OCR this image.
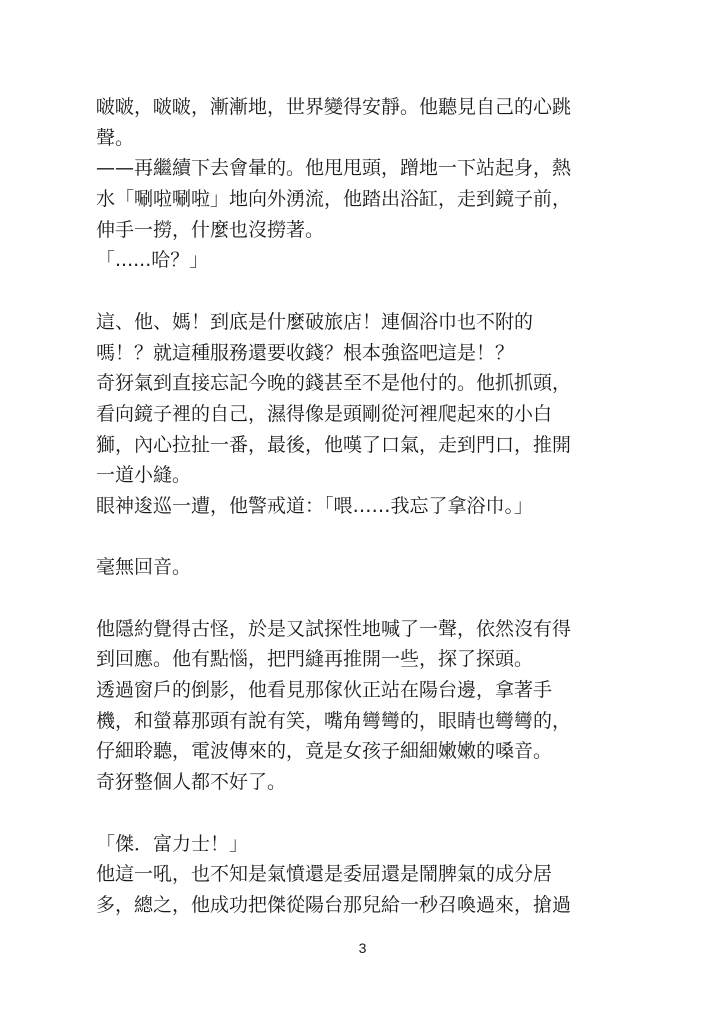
啵啵，啵啵，漸漸地，世界變得安靜。他聽見自己的心跳
聲。
——再繼續下去會暈的。他甩甩頭，蹭地一下站起身，熱
水「唰啦唰啦」地向外湧流，他踏出浴缸，走到鏡子前，
伸手一撈，什麼也沒撈著。
「......哈？」
這、他、媽！到底是什麼破旅店！連個浴巾也不附的
嗎！？就這種服務還要收錢？根本強盜吧這是！？
奇犽氣到直接忘記今晚的錢甚至不是他付的。他抓抓頭，
看向鏡子裡的自己，濕得像是頭剛從河裡爬起來的小白
獅，內心拉扯一番，最後，他嘆了口氣，走到門口，推開
一道小縫。
眼神逡巡一遭，他警戒道：「喂……我忘了拿浴巾。」
毫無回音。
他隱約覺得古怪，於是又試探性地喊了一聲，依然沒有得
到回應。他有點惱，把門縫再推開一些，探了探頭。
透過窗戶的倒影，他看見那傢伙正站在陽台邊，拿著手
機，和螢幕那頭有說有笑，嘴角彎彎的，眼睛也彎彎的，
仔細聆聽，電波傳來的，竟是女孩子細細嫩嫩的嗓音。
奇犽整個人都不好了。
「傑．富力士！」
他這一吼，也不知是氣憤還是委屈還是鬧脾氣的成分居
多，總之，他成功把傑從陽台那兒給一秒召喚過來，搶過
3
